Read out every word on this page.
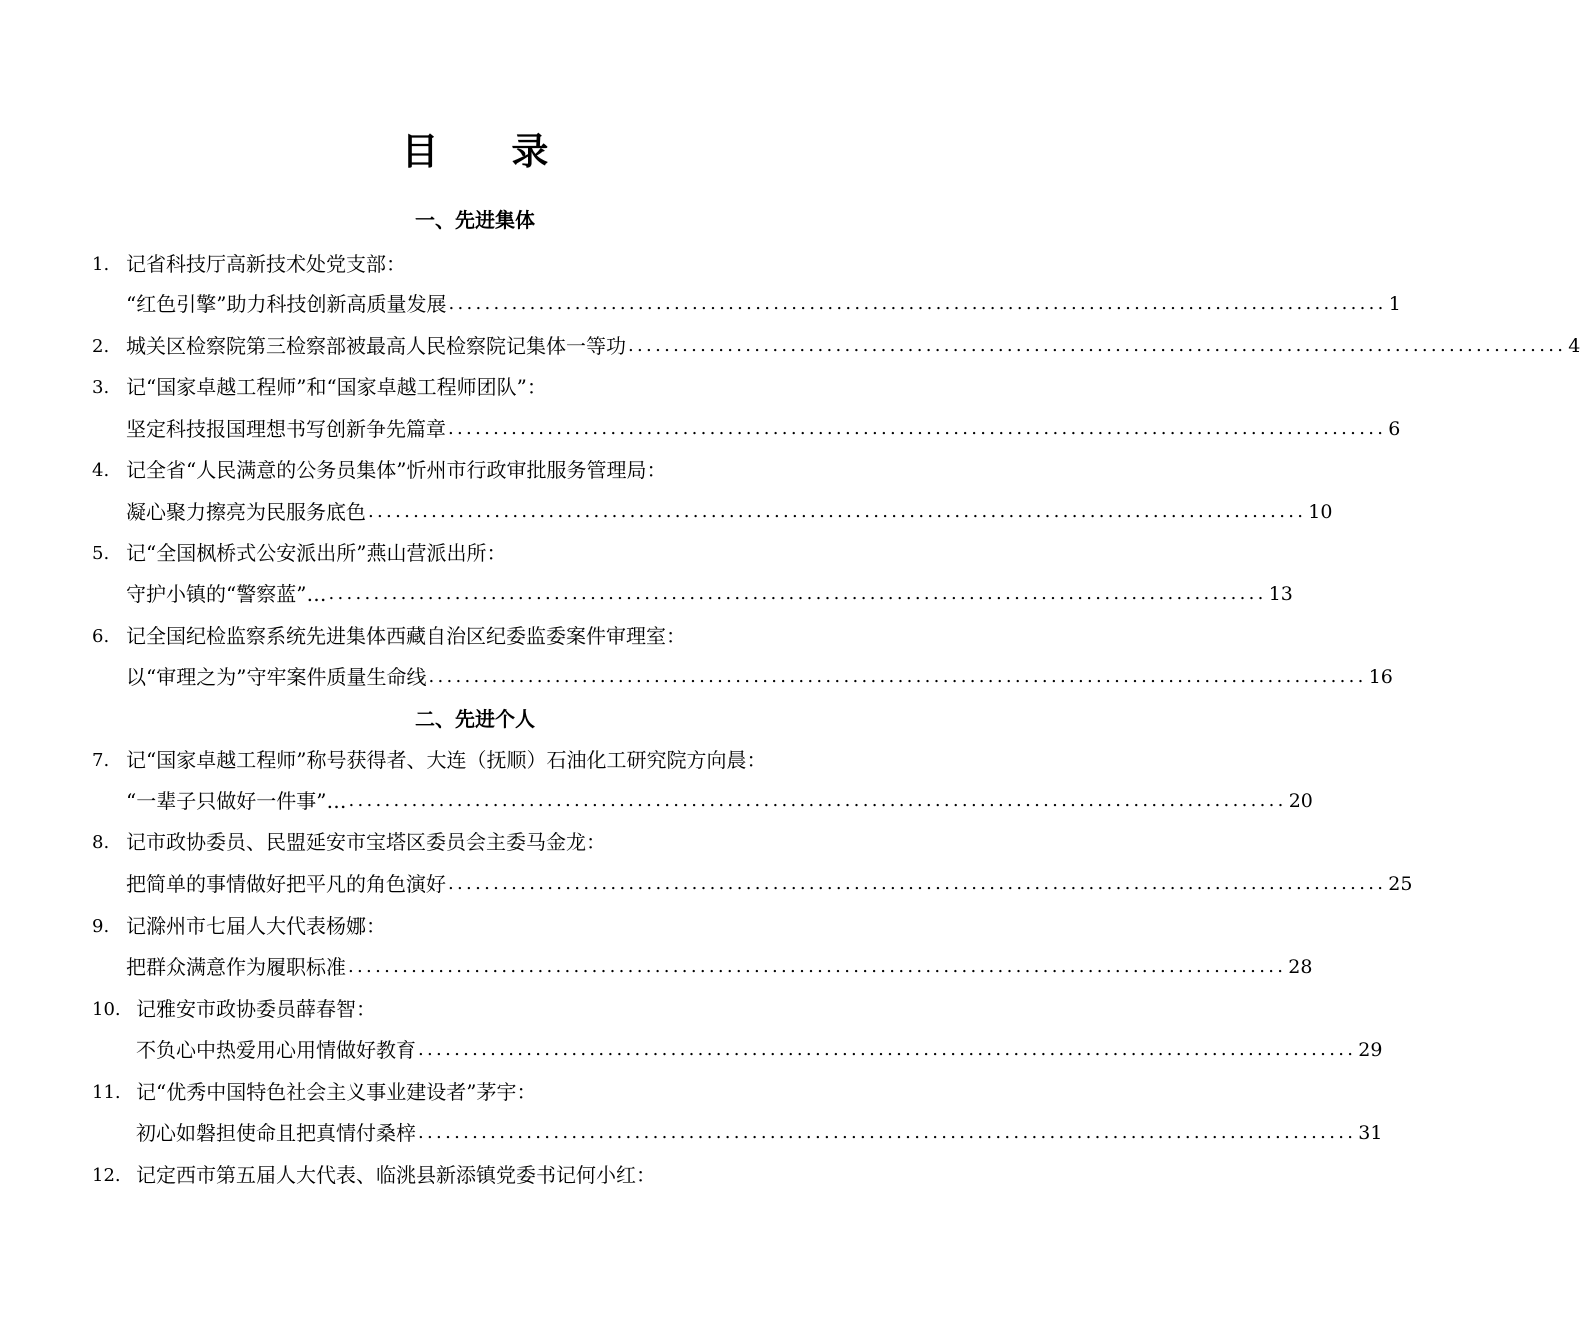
目 录
一、先进集体
1. 记省科技厅高新技术处党支部：
“红色引擎”助力科技创新高质量发展 ........................................................................................................ 1
2. 城关区检察院第三检察部被最高人民检察院记集体一等功 ........................................................................................................ 4
3. 记“国家卓越工程师”和“国家卓越工程师团队”：
坚定科技报国理想书写创新争先篇章 ........................................................................................................ 6
4. 记全省“人民满意的公务员集体”忻州市行政审批服务管理局：
凝心聚力擦亮为民服务底色 ........................................................................................................ 10
5. 记“全国枫桥式公安派出所”燕山营派出所：
守护小镇的“警察蓝”… ........................................................................................................ 13
6. 记全国纪检监察系统先进集体西藏自治区纪委监委案件审理室：
以“审理之为”守牢案件质量生命线 ........................................................................................................ 16
二、先进个人
7. 记“国家卓越工程师”称号获得者、大连（抚顺）石油化工研究院方向晨：
“一辈子只做好一件事”… ........................................................................................................ 20
8. 记市政协委员、民盟延安市宝塔区委员会主委马金龙：
把简单的事情做好把平凡的角色演好 ........................................................................................................ 25
9. 记滁州市七届人大代表杨娜：
把群众满意作为履职标准 ........................................................................................................ 28
10. 记雅安市政协委员薛春智：
不负心中热爱用心用情做好教育 ........................................................................................................ 29
11. 记“优秀中国特色社会主义事业建设者”茅宇：
初心如磐担使命且把真情付桑梓 ........................................................................................................ 31
12. 记定西市第五届人大代表、临洮县新添镇党委书记何小红：
